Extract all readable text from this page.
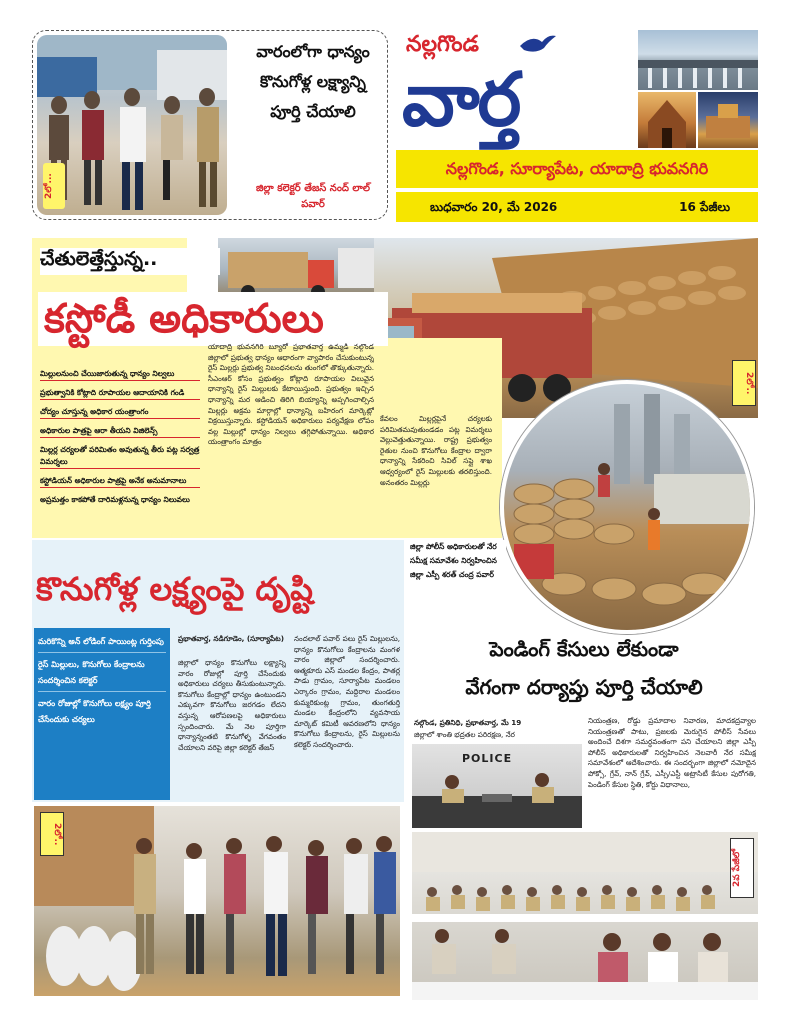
2లో...
వారంలోగా ధాన్యం కొనుగోళ్ల లక్ష్యాన్ని పూర్తి చేయాలి
జిల్లా కలెక్టర్ తేజస్ నంద్ లాల్ పవార్
నల్లగొండ
వార్త
నల్లగొండ, సూర్యాపేట, యాదాద్రి భువనగిరి
బుధవారం 20, మే 2026	16 పేజీలు
చేతులెత్తేస్తున్న..
కస్టోడీ అధికారులు
మిల్లులనుంచి చేయిజారుతున్న ధాన్యం నిల్వలు
ప్రభుత్వానికి కోట్లాది రూపాయల ఆదాయానికి గండి
చోద్యం చూస్తున్న అధికార యంత్రాంగం
అధికారుల పాత్రపై ఆరా తీయని విజిలెన్స్
మిల్లర్ల చర్యలతో పరిమితం అవుతున్న తీరు పట్ల సర్వత్ర విమర్శలు
కస్టోడియన్ అధికారుల పాత్రపై అనేక అనుమానాలు
అప్రమత్తం కాకపోతే దారిమళ్లనున్న ధాన్యం నిలువలు
యాదాద్రి భువనగిరి బ్యూరో ప్రభాతవార్త ఉమ్మడి నల్గొండ జిల్లాలో ప్రభుత్వ ధాన్యం ఆధారంగా వ్యాపారం చేసుకుంటున్న రైస్ మిల్లర్లు ప్రభుత్వ నిబంధనలను తుంగలో తొక్కుతున్నారు. సీఎంఆర్ కోసం ప్రభుత్వం కోట్లాది రూపాయల విలువైన ధాన్యాన్ని రైస్ మిల్లులకు కేటాయిస్తుంది. ప్రభుత్వం ఇచ్చిన ధాన్యాన్ని మర ఆడించి తిరిగి బియ్యాన్ని అప్పగించాల్సిన మిల్లర్లు అక్రమ మార్గాల్లో ధాన్యాన్ని బహిరంగ మార్కెట్లో విక్రయిస్తున్నారు. కస్టోడియన్ అధికారులు పర్యవేక్షణ లోపం వల్ల మిల్లుల్లో ధాన్యం నిల్వలు తగ్గిపోతున్నాయి. అధికార యంత్రాంగం మాత్రం
కేవలం మిల్లర్లపైనే చర్యలకు పరిమితమవుతుండడం పట్ల విమర్శలు వెల్లువెత్తుతున్నాయి. రాష్ట్ర ప్రభుత్వం రైతుల నుంచి కొనుగోలు కేంద్రాల ద్వారా ధాన్యాన్ని సేకరించి సివిల్ సప్లై శాఖ ఆధ్వర్యంలో రైస్ మిల్లులకు తరలిస్తుంది. అనంతరం మిల్లర్లు
2లో..
జిల్లా పోలీస్ అధికారులతో నేర సమీక్ష సమావేశం నిర్వహించిన జిల్లా ఎస్పీ శరత్ చంద్ర పవార్
కొనుగోళ్ల లక్ష్యంపై దృష్టి
మరికొన్ని అన్ లోడింగ్ పాయింట్ల గుర్తింపు
రైస్ మిల్లులు, కొనుగోలు కేంద్రాలను సందర్శించిన కలెక్టర్
వారం రోజుల్లో కొనుగోలు లక్ష్యం పూర్తి చేసేందుకు చర్యలు
ప్రభాతవార్త, నడిగూడెం, (సూర్యాపేట)
జిల్లాలో ధాన్యం కొనుగోలు లక్ష్యాన్ని వారం రోజుల్లో పూర్తి చేసేందుకు అధికారులు చర్యలు తీసుకుంటున్నారు. కొనుగోలు కేంద్రాల్లో ధాన్యం ఉంటుండని ఎక్కువగా కొనుగోలు జరగడం లేదని వస్తున్న ఆరోపణలపై అధికారులు స్పందించారు. మే నెల పూర్తిగా ధాన్యాన్నంతటి కొనుగోళ్ళ వేగవంతం చేయాలని వరిపై జిల్లా కలెక్టర్ తేజస్
నందలాల్ పవార్ పలు రైస్ మిల్లులను, ధాన్యం కొనుగోలు కేంద్రాలను మంగళ వారం జిల్లాలో సందర్శించారు. ఆత్మకూరు ఎస్ మండల కేంద్రం, పాతర్ల పాడు గ్రామం, సూర్యాపేట మండలం ఎర్కారం గ్రామం, మద్దిరాల మండలం కుమ్మరికుంట్ల గ్రామం, తుంగతుర్తి మండల కేంద్రంలోని వ్యవసాయ మార్కెట్ కమిటీ ఆవరణలోని ధాన్యం కొనుగోలు కేంద్రాలను, రైస్ మిల్లులను కలెక్టర్ సందర్శించారు.
2లో..
పెండింగ్ కేసులు లేకుండా
వేగంగా దర్యాప్తు పూర్తి చేయాలి
నల్గొండ, ప్రతినిధి, ప్రభాతవార్త, మే 19
జిల్లాలో శాంతి భద్రతల పరిరక్షణ, నేర
నియంత్రణ, రోడ్డు ప్రమాదాల నివారణ, మాదకద్రవ్యాల నియంత్రణతో పాటు, ప్రజలకు మెరుగైన పోలీస్ సేవలు అందించే దిశగా సమర్థవంతంగా పని చేయాలని జిల్లా ఎస్పీ పోలీస్ అధికారులతో నిర్వహించిన నెలవారీ నేర సమీక్ష సమావేశంలో ఆదేశించారు. ఈ సందర్భంగా జిల్లాలో నమోదైన పోక్సో, గ్రేవ్, నాన్ గ్రేవ్, ఎస్సీ/ఎస్టీ అట్రాసిటీ కేసుల పురోగతి, పెండింగ్ కేసుల స్థితి, కోర్టు విధానాలు,
POLICE
2వ పేజీలో
